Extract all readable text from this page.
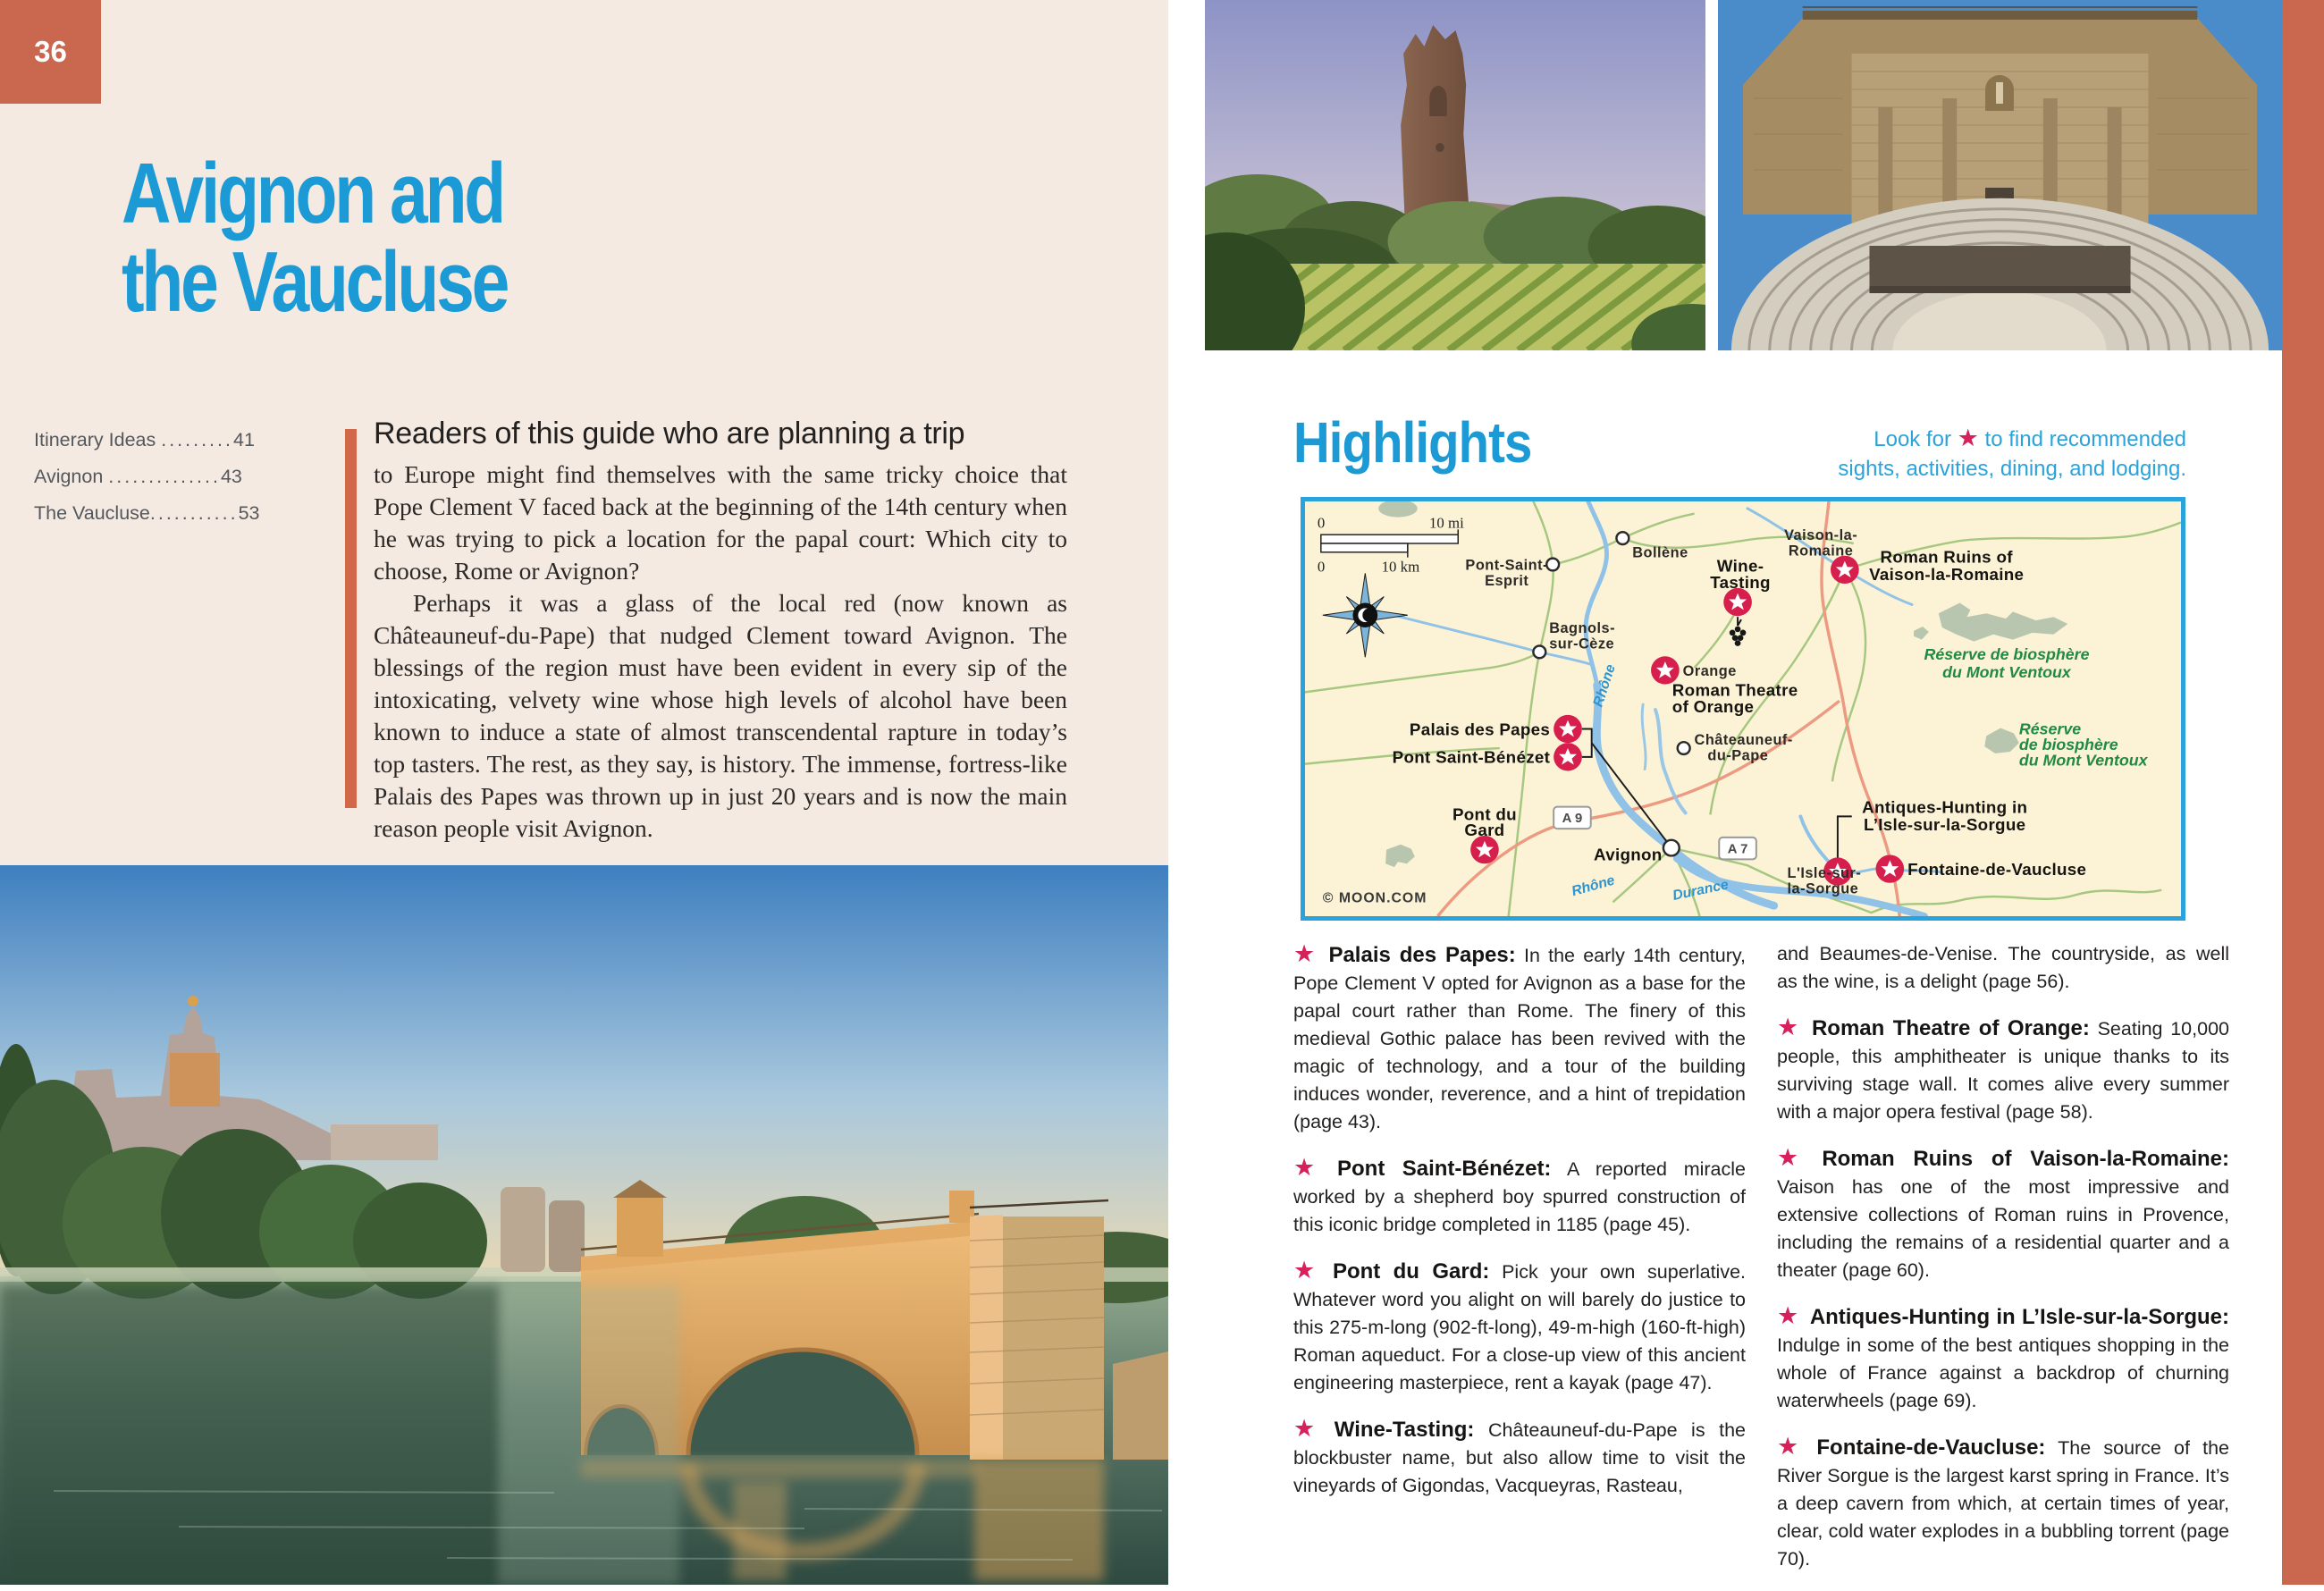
36
Avignon and
the Vaucluse
Itinerary Ideas .........41
Avignon ..............43
The Vaucluse...........53

Readers of this guide who are planning a trip

to Europe might find themselves with the same tricky choice that Pope Clement V faced back at the beginning of the 14th century when he was trying to pick a location for the papal court: Which city to choose, Rome or Avignon?

Perhaps it was a glass of the local red (now known as Châteauneuf-du-Pape) that nudged Clement toward Avignon. The blessings of the region must have been evident in every sip of the intoxicating, velvety wine whose high levels of alcohol have been known to induce a state of almost transcendental rapture in today’s top tasters. The rest, as they say, is history. The immense, fortress-like Palais des Papes was thrown up in just 20 years and is now the main reason people visit Avignon.

Highlights	Look for ★ to find recommended
sights, activities, dining, and lodging.

0	10 mi
0	10 km
A 9
A 7
Pont-Saint-
Esprit
Bollène
Bagnols-
sur-Cèze
Orange
Vaison-la-
Romaine
Châteauneuf-
du-Pape
Avignon
L'Isle-sur-
la-Sorgue
Wine-
Tasting
Roman Ruins of
Vaison-la-Romaine
Roman Theatre
of Orange
Palais des Papes
Pont Saint-Bénézet
Pont du
Gard
Antiques-Hunting in
L’Isle-sur-la-Sorgue
Fontaine-de-Vaucluse
Réserve de biosphère
du Mont Ventoux
Réserve
de biosphère
du Mont Ventoux
Rhône
Rhône	Durance
© MOON.COM

★ Palais des Papes: In the early 14th century, Pope Clement V opted for Avignon as a base for the papal court rather than Rome. The finery of this medieval Gothic palace has been revived with the magic of technology, and a tour of the building induces wonder, reverence, and a hint of trepidation (page 43).

★ Pont Saint-Bénézet: A reported miracle worked by a shepherd boy spurred construction of this iconic bridge completed in 1185 (page 45).

★ Pont du Gard: Pick your own superlative. Whatever word you alight on will barely do justice to this 275-m-long (902-ft-long), 49-m-high (160-ft-high) Roman aqueduct. For a close-up view of this ancient engineering masterpiece, rent a kayak (page 47).

★ Wine-Tasting: Châteauneuf-du-Pape is the blockbuster name, but also allow time to visit the vineyards of Gigondas, Vacqueyras, Rasteau,

and Beaumes-de-Venise. The countryside, as well as the wine, is a delight (page 56).

★ Roman Theatre of Orange: Seating 10,000 people, this amphitheater is unique thanks to its surviving stage wall. It comes alive every summer with a major opera festival (page 58).

★ Roman Ruins of Vaison-la-Romaine: Vaison has one of the most impressive and extensive collections of Roman ruins in Provence, including the remains of a residential quarter and a theater (page 60).

★ Antiques-Hunting in L’Isle-sur-la-Sorgue: Indulge in some of the best antiques shopping in the whole of France against a backdrop of churning waterwheels (page 69).

★ Fontaine-de-Vaucluse: The source of the River Sorgue is the largest karst spring in France. It’s a deep cavern from which, at certain times of year, clear, cold water explodes in a bubbling torrent (page 70).
